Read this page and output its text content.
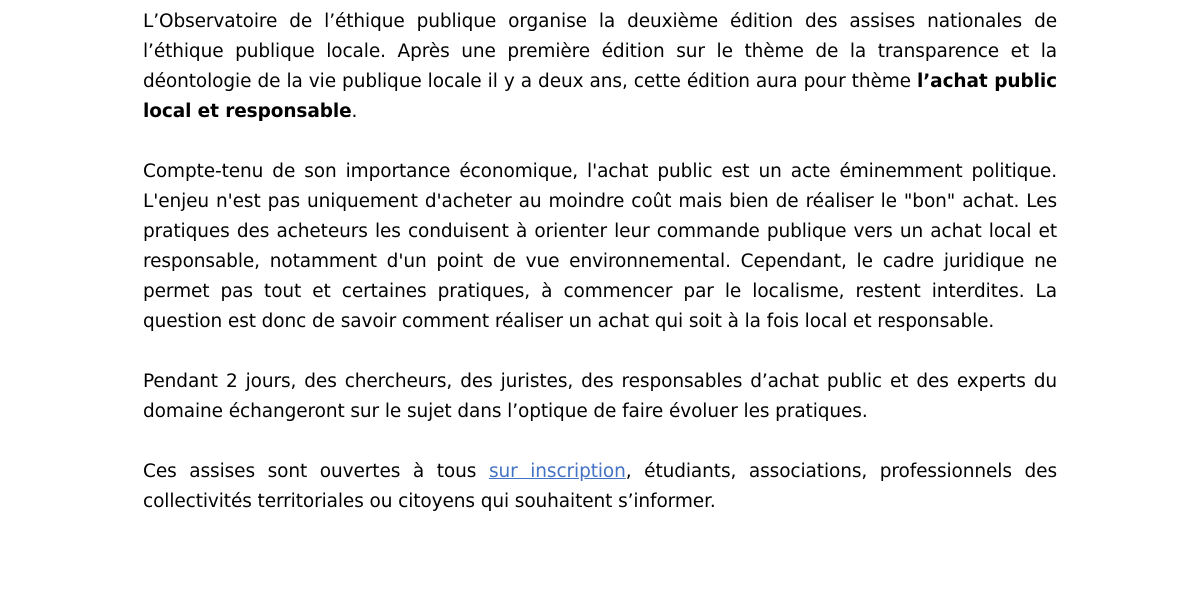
L’Observatoire de l’éthique publique organise la deuxième édition des assises nationales de l’éthique publique locale. Après une première édition sur le thème de la transparence et la déontologie de la vie publique locale il y a deux ans, cette édition aura pour thème l’achat public local et responsable.

Compte-tenu de son importance économique, l'achat public est un acte éminemment politique. L'enjeu n'est pas uniquement d'acheter au moindre coût mais bien de réaliser le "bon" achat. Les pratiques des acheteurs les conduisent à orienter leur commande publique vers un achat local et responsable, notamment d'un point de vue environnemental. Cependant, le cadre juridique ne permet pas tout et certaines pratiques, à commencer par le localisme, restent interdites. La question est donc de savoir comment réaliser un achat qui soit à la fois local et responsable.

Pendant 2 jours, des chercheurs, des juristes, des responsables d’achat public et des experts du domaine échangeront sur le sujet dans l’optique de faire évoluer les pratiques.

Ces assises sont ouvertes à tous sur inscription, étudiants, associations, professionnels des collectivités territoriales ou citoyens qui souhaitent s’informer.
